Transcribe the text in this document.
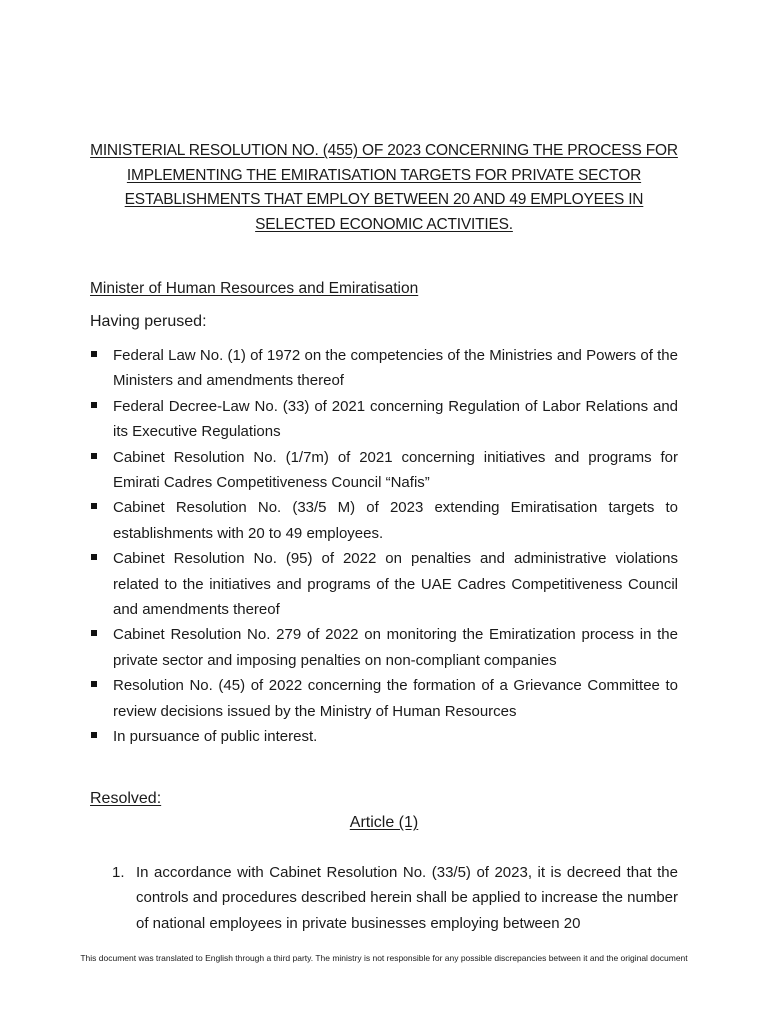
MINISTERIAL RESOLUTION NO. (455) OF 2023 CONCERNING THE PROCESS FOR IMPLEMENTING THE EMIRATISATION TARGETS FOR PRIVATE SECTOR ESTABLISHMENTS THAT EMPLOY BETWEEN 20 AND 49 EMPLOYEES IN SELECTED ECONOMIC ACTIVITIES.
Minister of Human Resources and Emiratisation
Having perused:
Federal Law No. (1) of 1972 on the competencies of the Ministries and Powers of the Ministers and amendments thereof
Federal Decree-Law No. (33) of 2021 concerning Regulation of Labor Relations and its Executive Regulations
Cabinet Resolution No. (1/7m) of 2021 concerning initiatives and programs for Emirati Cadres Competitiveness Council “Nafis”
Cabinet Resolution No. (33/5 M) of 2023 extending Emiratisation targets to establishments with 20 to 49 employees.
Cabinet Resolution No. (95) of 2022 on penalties and administrative violations related to the initiatives and programs of the UAE Cadres Competitiveness Council and amendments thereof
Cabinet Resolution No. 279 of 2022 on monitoring the Emiratization process in the private sector and imposing penalties on non-compliant companies
Resolution No. (45) of 2022 concerning the formation of a Grievance Committee to review decisions issued by the Ministry of Human Resources
In pursuance of public interest.
Resolved:
Article (1)
1. In accordance with Cabinet Resolution No. (33/5) of 2023, it is decreed that the controls and procedures described herein shall be applied to increase the number of national employees in private businesses employing between 20
This document was translated to English through a third party. The ministry is not responsible for any possible discrepancies between it and the original document
